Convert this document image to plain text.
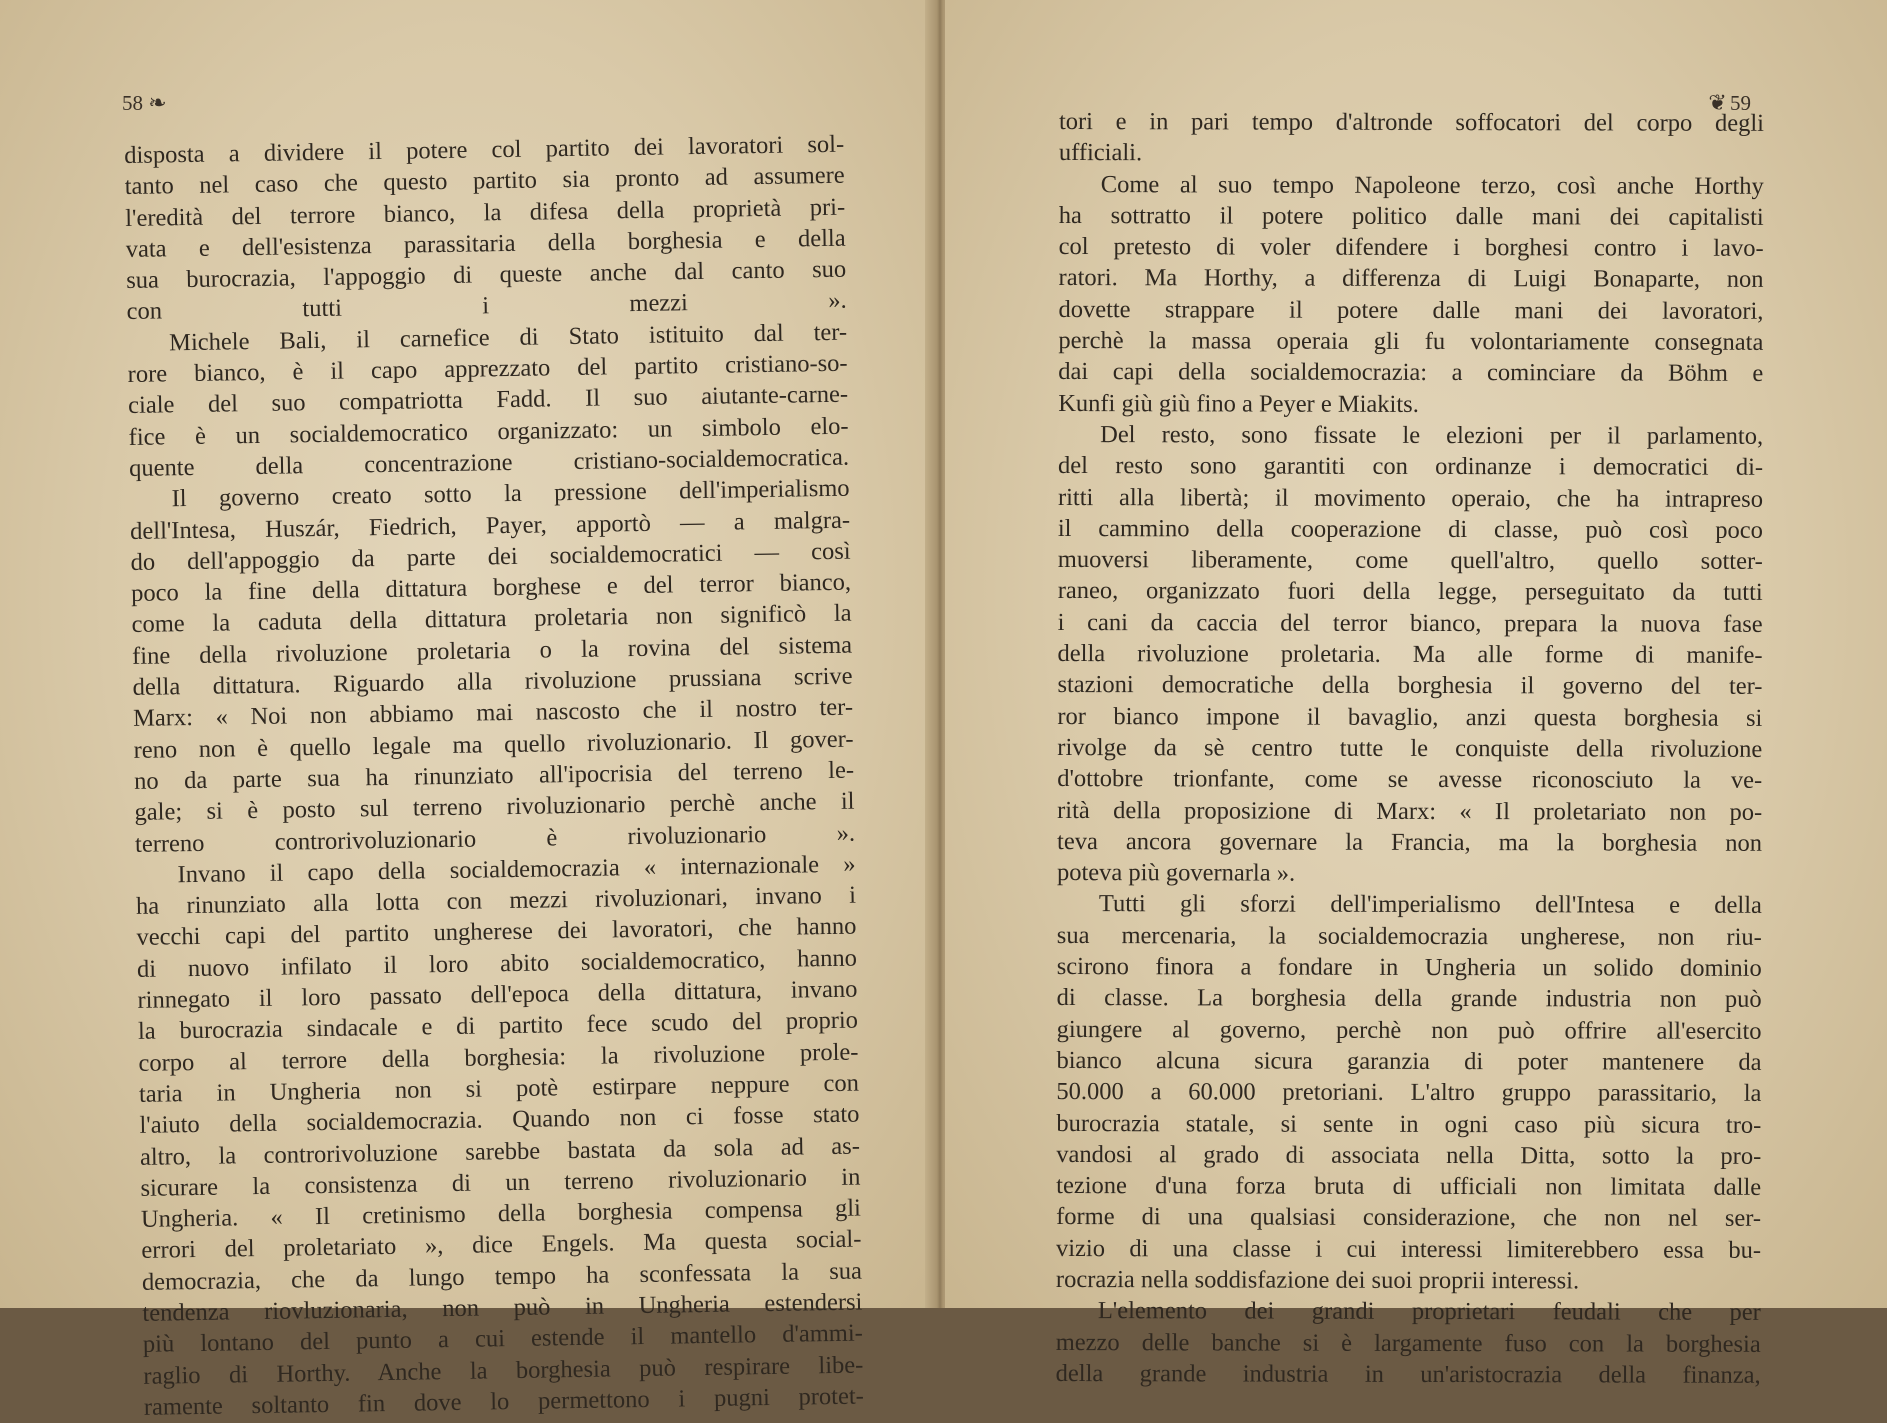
58 ❧
disposta a dividere il potere col partito dei lavoratori sol-
tanto nel caso che questo partito sia pronto ad assumere
l'eredità del terrore bianco, la difesa della proprietà pri-
vata e dell'esistenza parassitaria della borghesia e della
sua burocrazia, l'appoggio di queste anche dal canto suo
con tutti i mezzi ».
Michele Bali, il carnefice di Stato istituito dal ter-
rore bianco, è il capo apprezzato del partito cristiano-so-
ciale del suo compatriotta Fadd. Il suo aiutante-carne-
fice è un socialdemocratico organizzato: un simbolo elo-
quente della concentrazione cristiano-socialdemocratica.
Il governo creato sotto la pressione dell'imperialismo
dell'Intesa, Huszár, Fiedrich, Payer, apportò — a malgra-
do dell'appoggio da parte dei socialdemocratici — così
poco la fine della dittatura borghese e del terror bianco,
come la caduta della dittatura proletaria non significò la
fine della rivoluzione proletaria o la rovina del sistema
della dittatura. Riguardo alla rivoluzione prussiana scrive
Marx: « Noi non abbiamo mai nascosto che il nostro ter-
reno non è quello legale ma quello rivoluzionario. Il gover-
no da parte sua ha rinunziato all'ipocrisia del terreno le-
gale; si è posto sul terreno rivoluzionario perchè anche il
terreno controrivoluzionario è rivoluzionario ».
Invano il capo della socialdemocrazia « internazionale »
ha rinunziato alla lotta con mezzi rivoluzionari, invano i
vecchi capi del partito ungherese dei lavoratori, che hanno
di nuovo infilato il loro abito socialdemocratico, hanno
rinnegato il loro passato dell'epoca della dittatura, invano
la burocrazia sindacale e di partito fece scudo del proprio
corpo al terrore della borghesia: la rivoluzione prole-
taria in Ungheria non si potè estirpare neppure con
l'aiuto della socialdemocrazia. Quando non ci fosse stato
altro, la controrivoluzione sarebbe bastata da sola ad as-
sicurare la consistenza di un terreno rivoluzionario in
Ungheria. « Il cretinismo della borghesia compensa gli
errori del proletariato », dice Engels. Ma questa social-
democrazia, che da lungo tempo ha sconfessata la sua
tendenza riovluzionaria, non può in Ungheria estendersi
più lontano del punto a cui estende il mantello d'ammi-
raglio di Horthy. Anche la borghesia può respirare libe-
ramente soltanto fin dove lo permettono i pugni protet-
❦ 59
tori e in pari tempo d'altronde soffocatori del corpo degli
ufficiali.
Come al suo tempo Napoleone terzo, così anche Horthy
ha sottratto il potere politico dalle mani dei capitalisti
col pretesto di voler difendere i borghesi contro i lavo-
ratori. Ma Horthy, a differenza di Luigi Bonaparte, non
dovette strappare il potere dalle mani dei lavoratori,
perchè la massa operaia gli fu volontariamente consegnata
dai capi della socialdemocrazia: a cominciare da Böhm e
Kunfi giù giù fino a Peyer e Miakits.
Del resto, sono fissate le elezioni per il parlamento,
del resto sono garantiti con ordinanze i democratici di-
ritti alla libertà; il movimento operaio, che ha intrapreso
il cammino della cooperazione di classe, può così poco
muoversi liberamente, come quell'altro, quello sotter-
raneo, organizzato fuori della legge, perseguitato da tutti
i cani da caccia del terror bianco, prepara la nuova fase
della rivoluzione proletaria. Ma alle forme di manife-
stazioni democratiche della borghesia il governo del ter-
ror bianco impone il bavaglio, anzi questa borghesia si
rivolge da sè centro tutte le conquiste della rivoluzione
d'ottobre trionfante, come se avesse riconosciuto la ve-
rità della proposizione di Marx: « Il proletariato non po-
teva ancora governare la Francia, ma la borghesia non
poteva più governarla ».
Tutti gli sforzi dell'imperialismo dell'Intesa e della
sua mercenaria, la socialdemocrazia ungherese, non riu-
scirono finora a fondare in Ungheria un solido dominio
di classe. La borghesia della grande industria non può
giungere al governo, perchè non può offrire all'esercito
bianco alcuna sicura garanzia di poter mantenere da
50.000 a 60.000 pretoriani. L'altro gruppo parassitario, la
burocrazia statale, si sente in ogni caso più sicura tro-
vandosi al grado di associata nella Ditta, sotto la pro-
tezione d'una forza bruta di ufficiali non limitata dalle
forme di una qualsiasi considerazione, che non nel ser-
vizio di una classe i cui interessi limiterebbero essa bu-
rocrazia nella soddisfazione dei suoi proprii interessi.
L'elemento dei grandi proprietari feudali che per
mezzo delle banche si è largamente fuso con la borghesia
della grande industria in un'aristocrazia della finanza,
